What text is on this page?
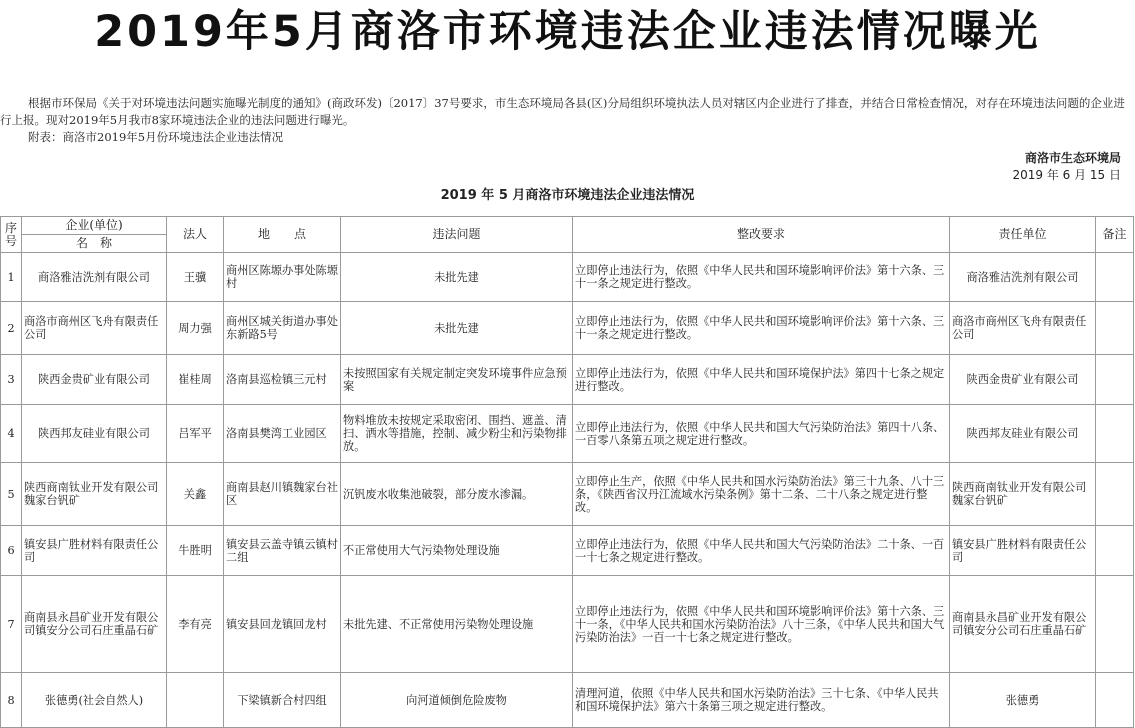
2019年5月商洛市环境违法企业违法情况曝光

根据市环保局《关于对环境违法问题实施曝光制度的通知》(商政环发)〔2017〕37号要求，市生态环境局各县(区)分局组织环境执法人员对辖区内企业进行了排查，并结合日常检查情况，对存在环境违法问题的企业进行上报。现对2019年5月我市8家环境违法企业的违法问题进行曝光。

附表：商洛市2019年5月份环境违法企业违法情况

商洛市生态环境局
2019 年 6 月 15 日
2019 年 5 月商洛市环境违法企业违法情况
序号	企业(单位)	法人	地　　点	违法问题	整改要求	责任单位	备注
	名　称						
1	商洛雅洁洗剂有限公司	王骥	商州区陈塬办事处陈塬村	未批先建	立即停止违法行为，依照《中华人民共和国环境影响评价法》第十六条、三十一条之规定进行整改。	商洛雅洁洗剂有限公司	
2	商洛市商州区飞舟有限责任公司	周力强	商州区城关街道办事处东新路5号	未批先建	立即停止违法行为，依照《中华人民共和国环境影响评价法》第十六条、三十一条之规定进行整改。	商洛市商州区飞舟有限责任公司	
3	陕西金贵矿业有限公司	崔桂周	洛南县巡检镇三元村	未按照国家有关规定制定突发环境事件应急预案	立即停止违法行为，依照《中华人民共和国环境保护法》第四十七条之规定进行整改。	陕西金贵矿业有限公司	
4	陕西邦友硅业有限公司	吕军平	洛南县樊湾工业园区	物料堆放未按规定采取密闭、围挡、遮盖、清扫、洒水等措施，控制、减少粉尘和污染物排放。	立即停止违法行为，依照《中华人民共和国大气污染防治法》第四十八条、一百零八条第五项之规定进行整改。	陕西邦友硅业有限公司	
5	陕西商南钛业开发有限公司魏家台钒矿	关鑫	商南县赵川镇魏家台社区	沉钒废水收集池破裂，部分废水渗漏。	立即停止生产，依照《中华人民共和国水污染防治法》第三十九条、八十三条，《陕西省汉丹江流域水污染条例》第十二条、二十八条之规定进行整改。	陕西商南钛业开发有限公司魏家台钒矿	
6	镇安县广胜材料有限责任公司	牛胜明	镇安县云盖寺镇云镇村二组	不正常使用大气污染物处理设施	立即停止违法行为，依照《中华人民共和国大气污染防治法》二十条、一百一十七条之规定进行整改。	镇安县广胜材料有限责任公司	
7	商南县永昌矿业开发有限公司镇安分公司石庄重晶石矿	李有亮	镇安县回龙镇回龙村	未批先建、不正常使用污染物处理设施	立即停止违法行为，依照《中华人民共和国环境影响评价法》第十六条、三十一条，《中华人民共和国水污染防治法》八十三条，《中华人民共和国大气污染防治法》一百一十七条之规定进行整改。	商南县永昌矿业开发有限公司镇安分公司石庄重晶石矿	
8	张德勇(社会自然人)		下梁镇新合村四组	向河道倾倒危险废物	清理河道，依照《中华人民共和国水污染防治法》三十七条、《中华人民共和国环境保护法》第六十条第三项之规定进行整改。	张德勇	
